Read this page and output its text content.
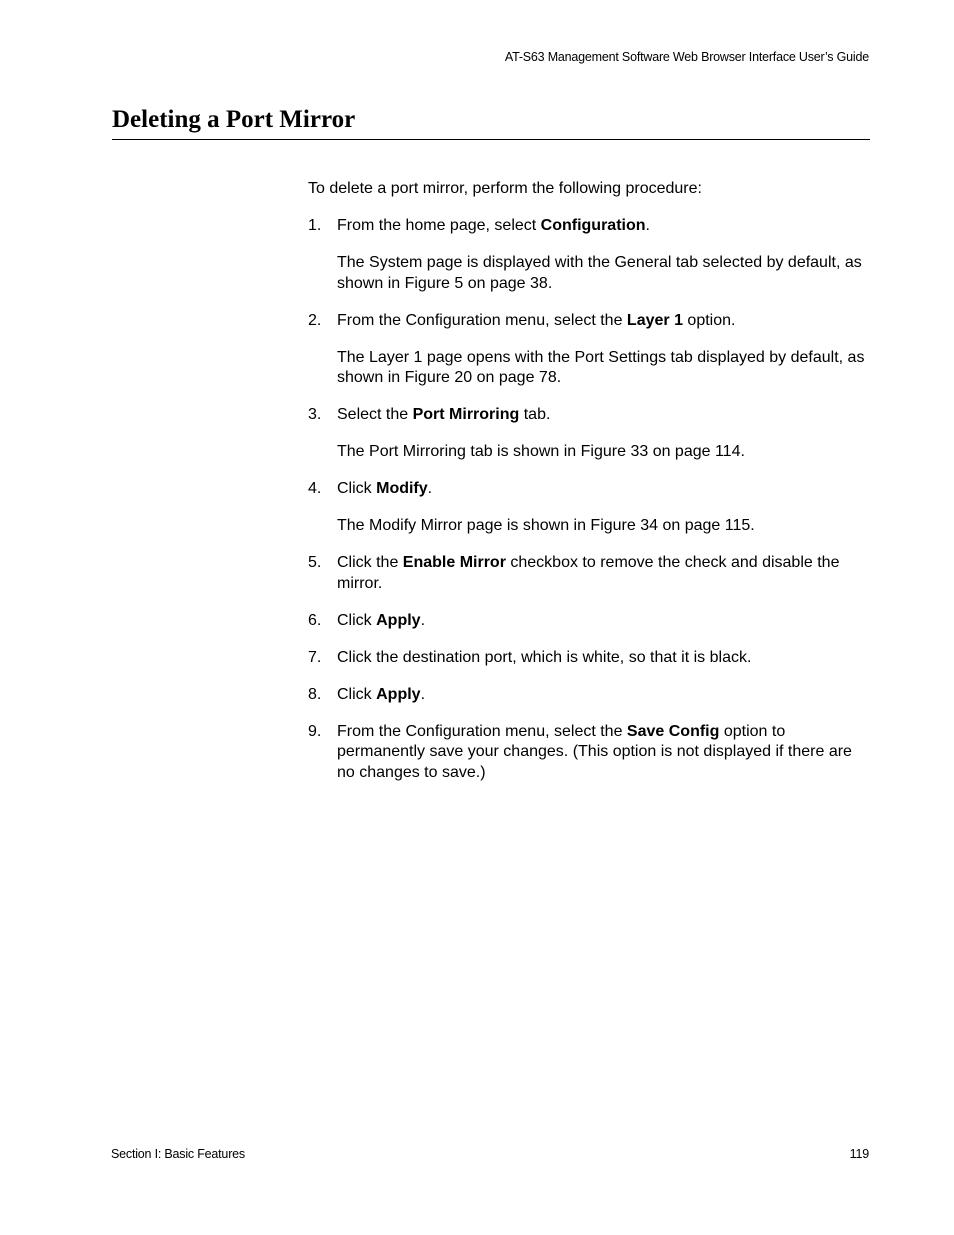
AT-S63 Management Software Web Browser Interface User’s Guide
Deleting a Port Mirror

To delete a port mirror, perform the following procedure:

1. From the home page, select Configuration.

The System page is displayed with the General tab selected by default, as shown in Figure 5 on page 38.

2. From the Configuration menu, select the Layer 1 option.

The Layer 1 page opens with the Port Settings tab displayed by default, as shown in Figure 20 on page 78.

3. Select the Port Mirroring tab.

The Port Mirroring tab is shown in Figure 33 on page 114.

4. Click Modify.

The Modify Mirror page is shown in Figure 34 on page 115.

5. Click the Enable Mirror checkbox to remove the check and disable the mirror.

6. Click Apply.

7. Click the destination port, which is white, so that it is black.

8. Click Apply.

9. From the Configuration menu, select the Save Config option to permanently save your changes. (This option is not displayed if there are no changes to save.)

Section I: Basic Features	119
